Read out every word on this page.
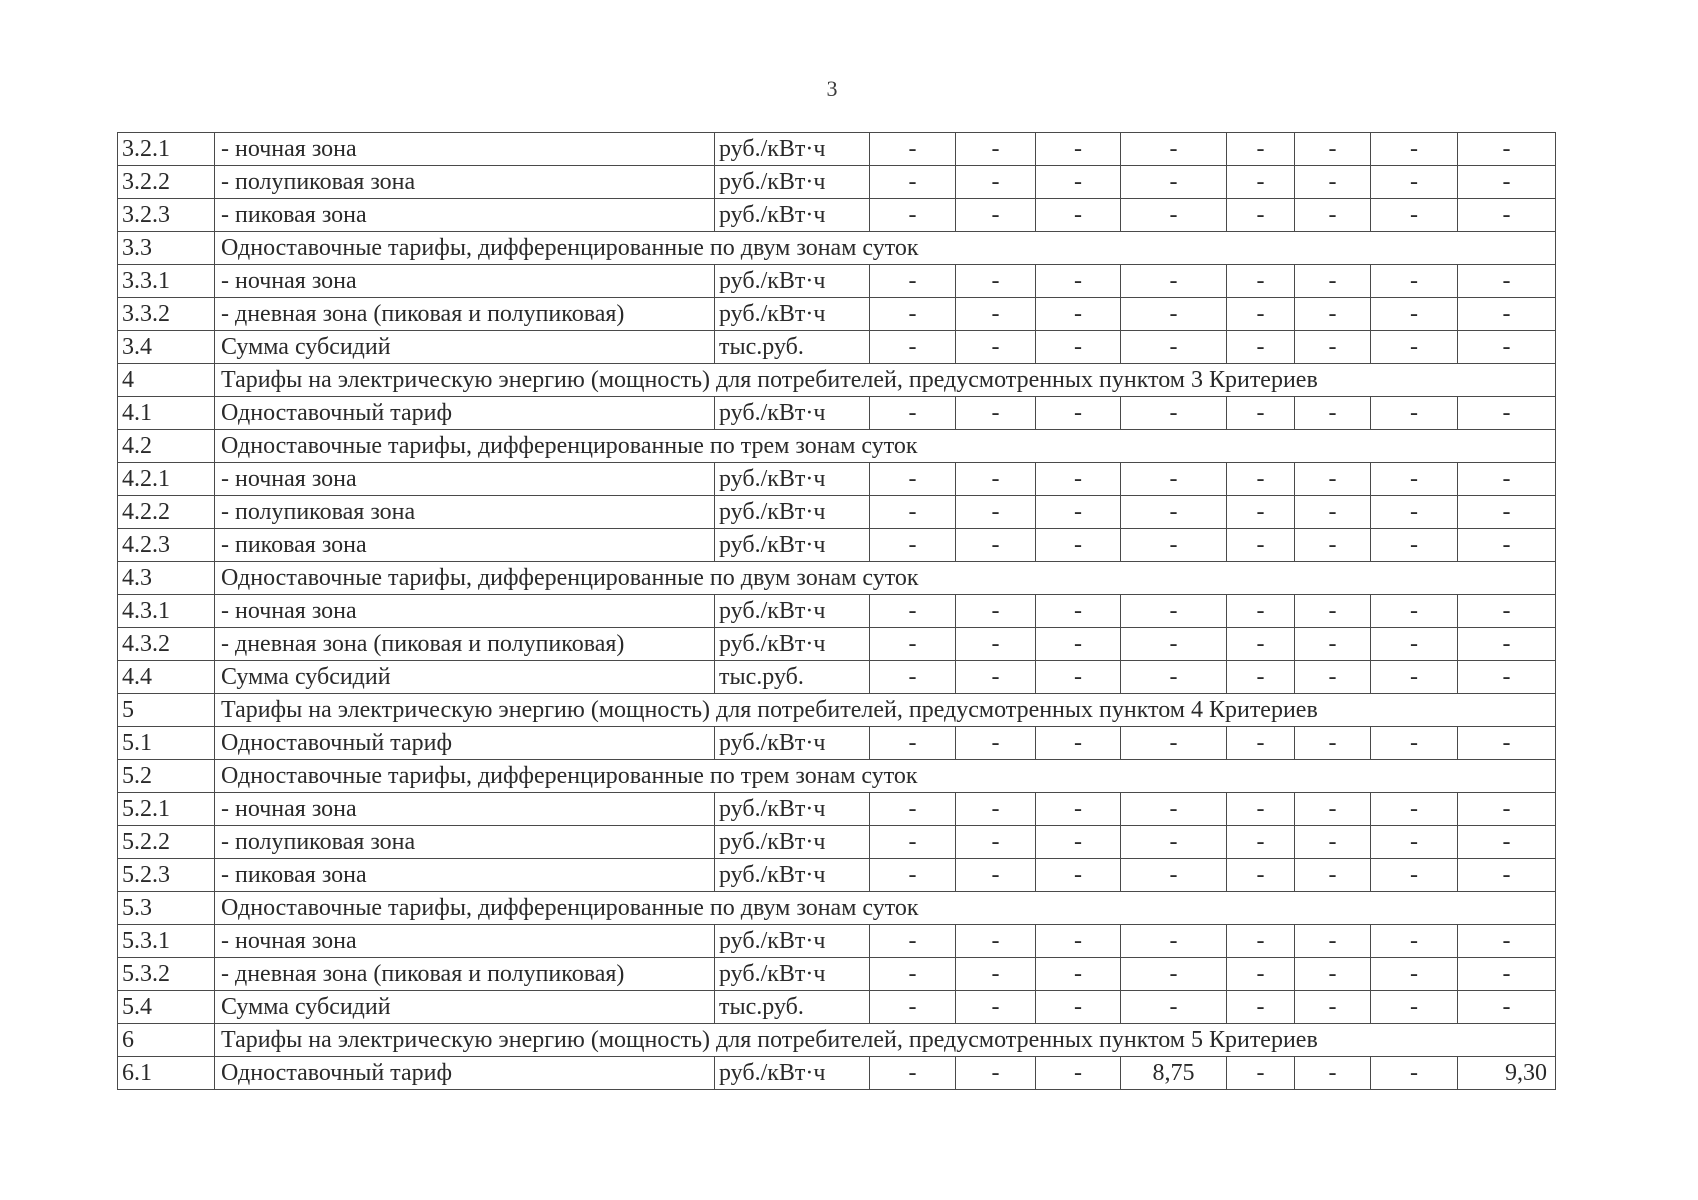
3
3.2.1	- ночная зона	руб./кВт·ч	-	-	-	-	-	-	-	-
3.2.2	- полупиковая зона	руб./кВт·ч	-	-	-	-	-	-	-	-
3.2.3	- пиковая зона	руб./кВт·ч	-	-	-	-	-	-	-	-
3.3	Одноставочные тарифы, дифференцированные по двум зонам суток									
3.3.1	- ночная зона	руб./кВт·ч	-	-	-	-	-	-	-	-
3.3.2	- дневная зона (пиковая и полупиковая)	руб./кВт·ч	-	-	-	-	-	-	-	-
3.4	Сумма субсидий	тыс.руб.	-	-	-	-	-	-	-	-
4	Тарифы на электрическую энергию (мощность) для потребителей, предусмотренных пунктом 3 Критериев									
4.1	Одноставочный тариф	руб./кВт·ч	-	-	-	-	-	-	-	-
4.2	Одноставочные тарифы, дифференцированные по трем зонам суток									
4.2.1	- ночная зона	руб./кВт·ч	-	-	-	-	-	-	-	-
4.2.2	- полупиковая зона	руб./кВт·ч	-	-	-	-	-	-	-	-
4.2.3	- пиковая зона	руб./кВт·ч	-	-	-	-	-	-	-	-
4.3	Одноставочные тарифы, дифференцированные по двум зонам суток									
4.3.1	- ночная зона	руб./кВт·ч	-	-	-	-	-	-	-	-
4.3.2	- дневная зона (пиковая и полупиковая)	руб./кВт·ч	-	-	-	-	-	-	-	-
4.4	Сумма субсидий	тыс.руб.	-	-	-	-	-	-	-	-
5	Тарифы на электрическую энергию (мощность) для потребителей, предусмотренных пунктом 4 Критериев									
5.1	Одноставочный тариф	руб./кВт·ч	-	-	-	-	-	-	-	-
5.2	Одноставочные тарифы, дифференцированные по трем зонам суток									
5.2.1	- ночная зона	руб./кВт·ч	-	-	-	-	-	-	-	-
5.2.2	- полупиковая зона	руб./кВт·ч	-	-	-	-	-	-	-	-
5.2.3	- пиковая зона	руб./кВт·ч	-	-	-	-	-	-	-	-
5.3	Одноставочные тарифы, дифференцированные по двум зонам суток									
5.3.1	- ночная зона	руб./кВт·ч	-	-	-	-	-	-	-	-
5.3.2	- дневная зона (пиковая и полупиковая)	руб./кВт·ч	-	-	-	-	-	-	-	-
5.4	Сумма субсидий	тыс.руб.	-	-	-	-	-	-	-	-
6	Тарифы на электрическую энергию (мощность) для потребителей, предусмотренных пунктом 5 Критериев									
6.1	Одноставочный тариф	руб./кВт·ч	-	-	-	8,75	-	-	-	9,30
